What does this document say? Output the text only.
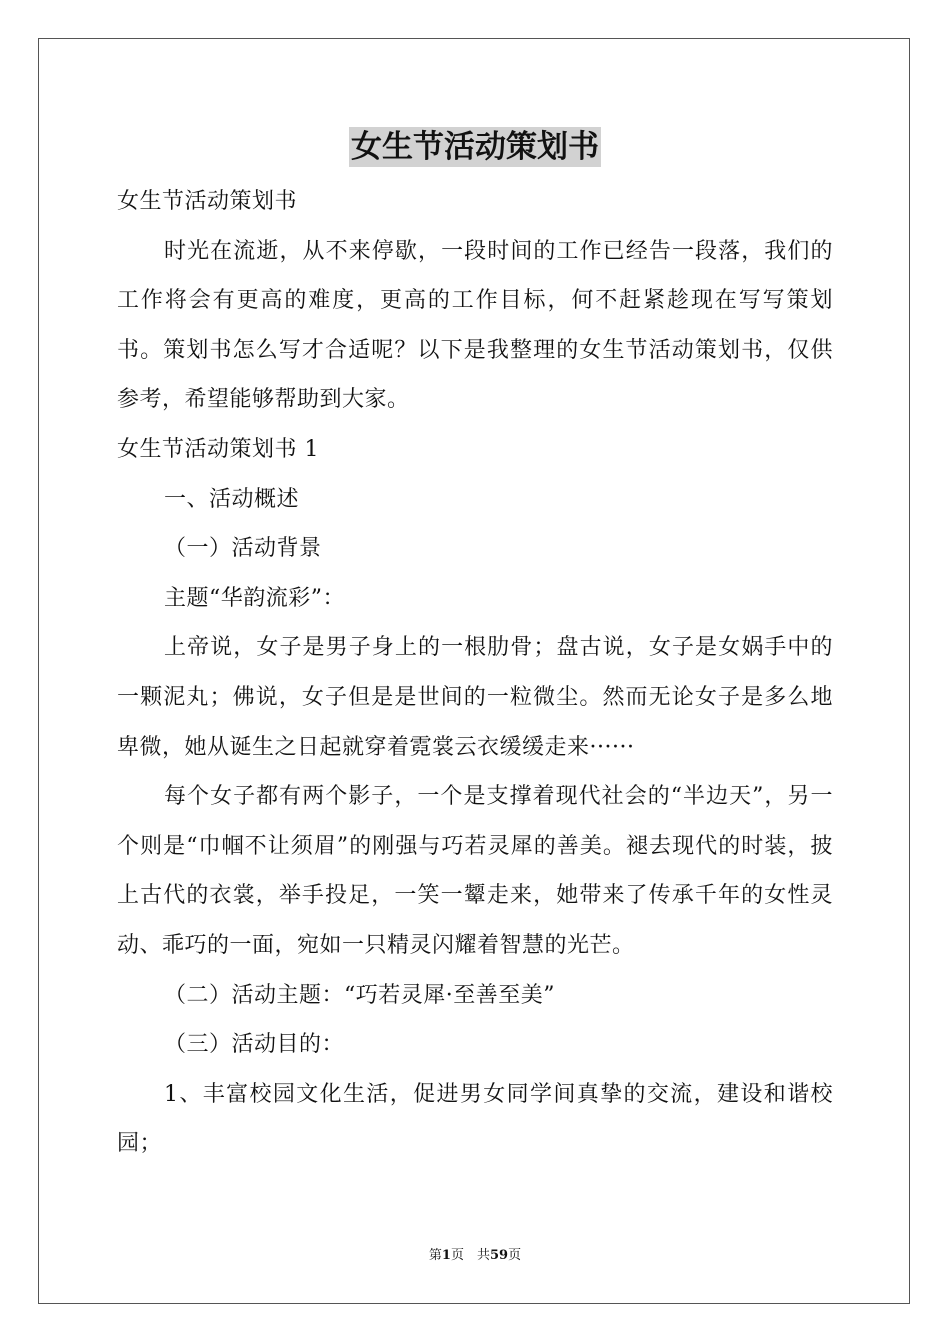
女生节活动策划书

女生节活动策划书

时光在流逝，从不来停歇，一段时间的工作已经告一段落，我们的工作将会有更高的难度，更高的工作目标，何不赶紧趁现在写写策划书。策划书怎么写才合适呢？以下是我整理的女生节活动策划书，仅供参考，希望能够帮助到大家。

女生节活动策划书 1

一、活动概述

（一）活动背景

主题“华韵流彩”：

上帝说，女子是男子身上的一根肋骨；盘古说，女子是女娲手中的一颗泥丸；佛说，女子但是是世间的一粒微尘。然而无论女子是多么地卑微，她从诞生之日起就穿着霓裳云衣缓缓走来······

每个女子都有两个影子，一个是支撑着现代社会的“半边天”，另一个则是“巾帼不让须眉”的刚强与巧若灵犀的善美。褪去现代的时装，披上古代的衣裳，举手投足，一笑一颦走来，她带来了传承千年的女性灵动、乖巧的一面，宛如一只精灵闪耀着智慧的光芒。

（二）活动主题：“巧若灵犀·至善至美”

（三）活动目的：

1、丰富校园文化生活，促进男女同学间真挚的交流，建设和谐校园；

第1页　共59页
